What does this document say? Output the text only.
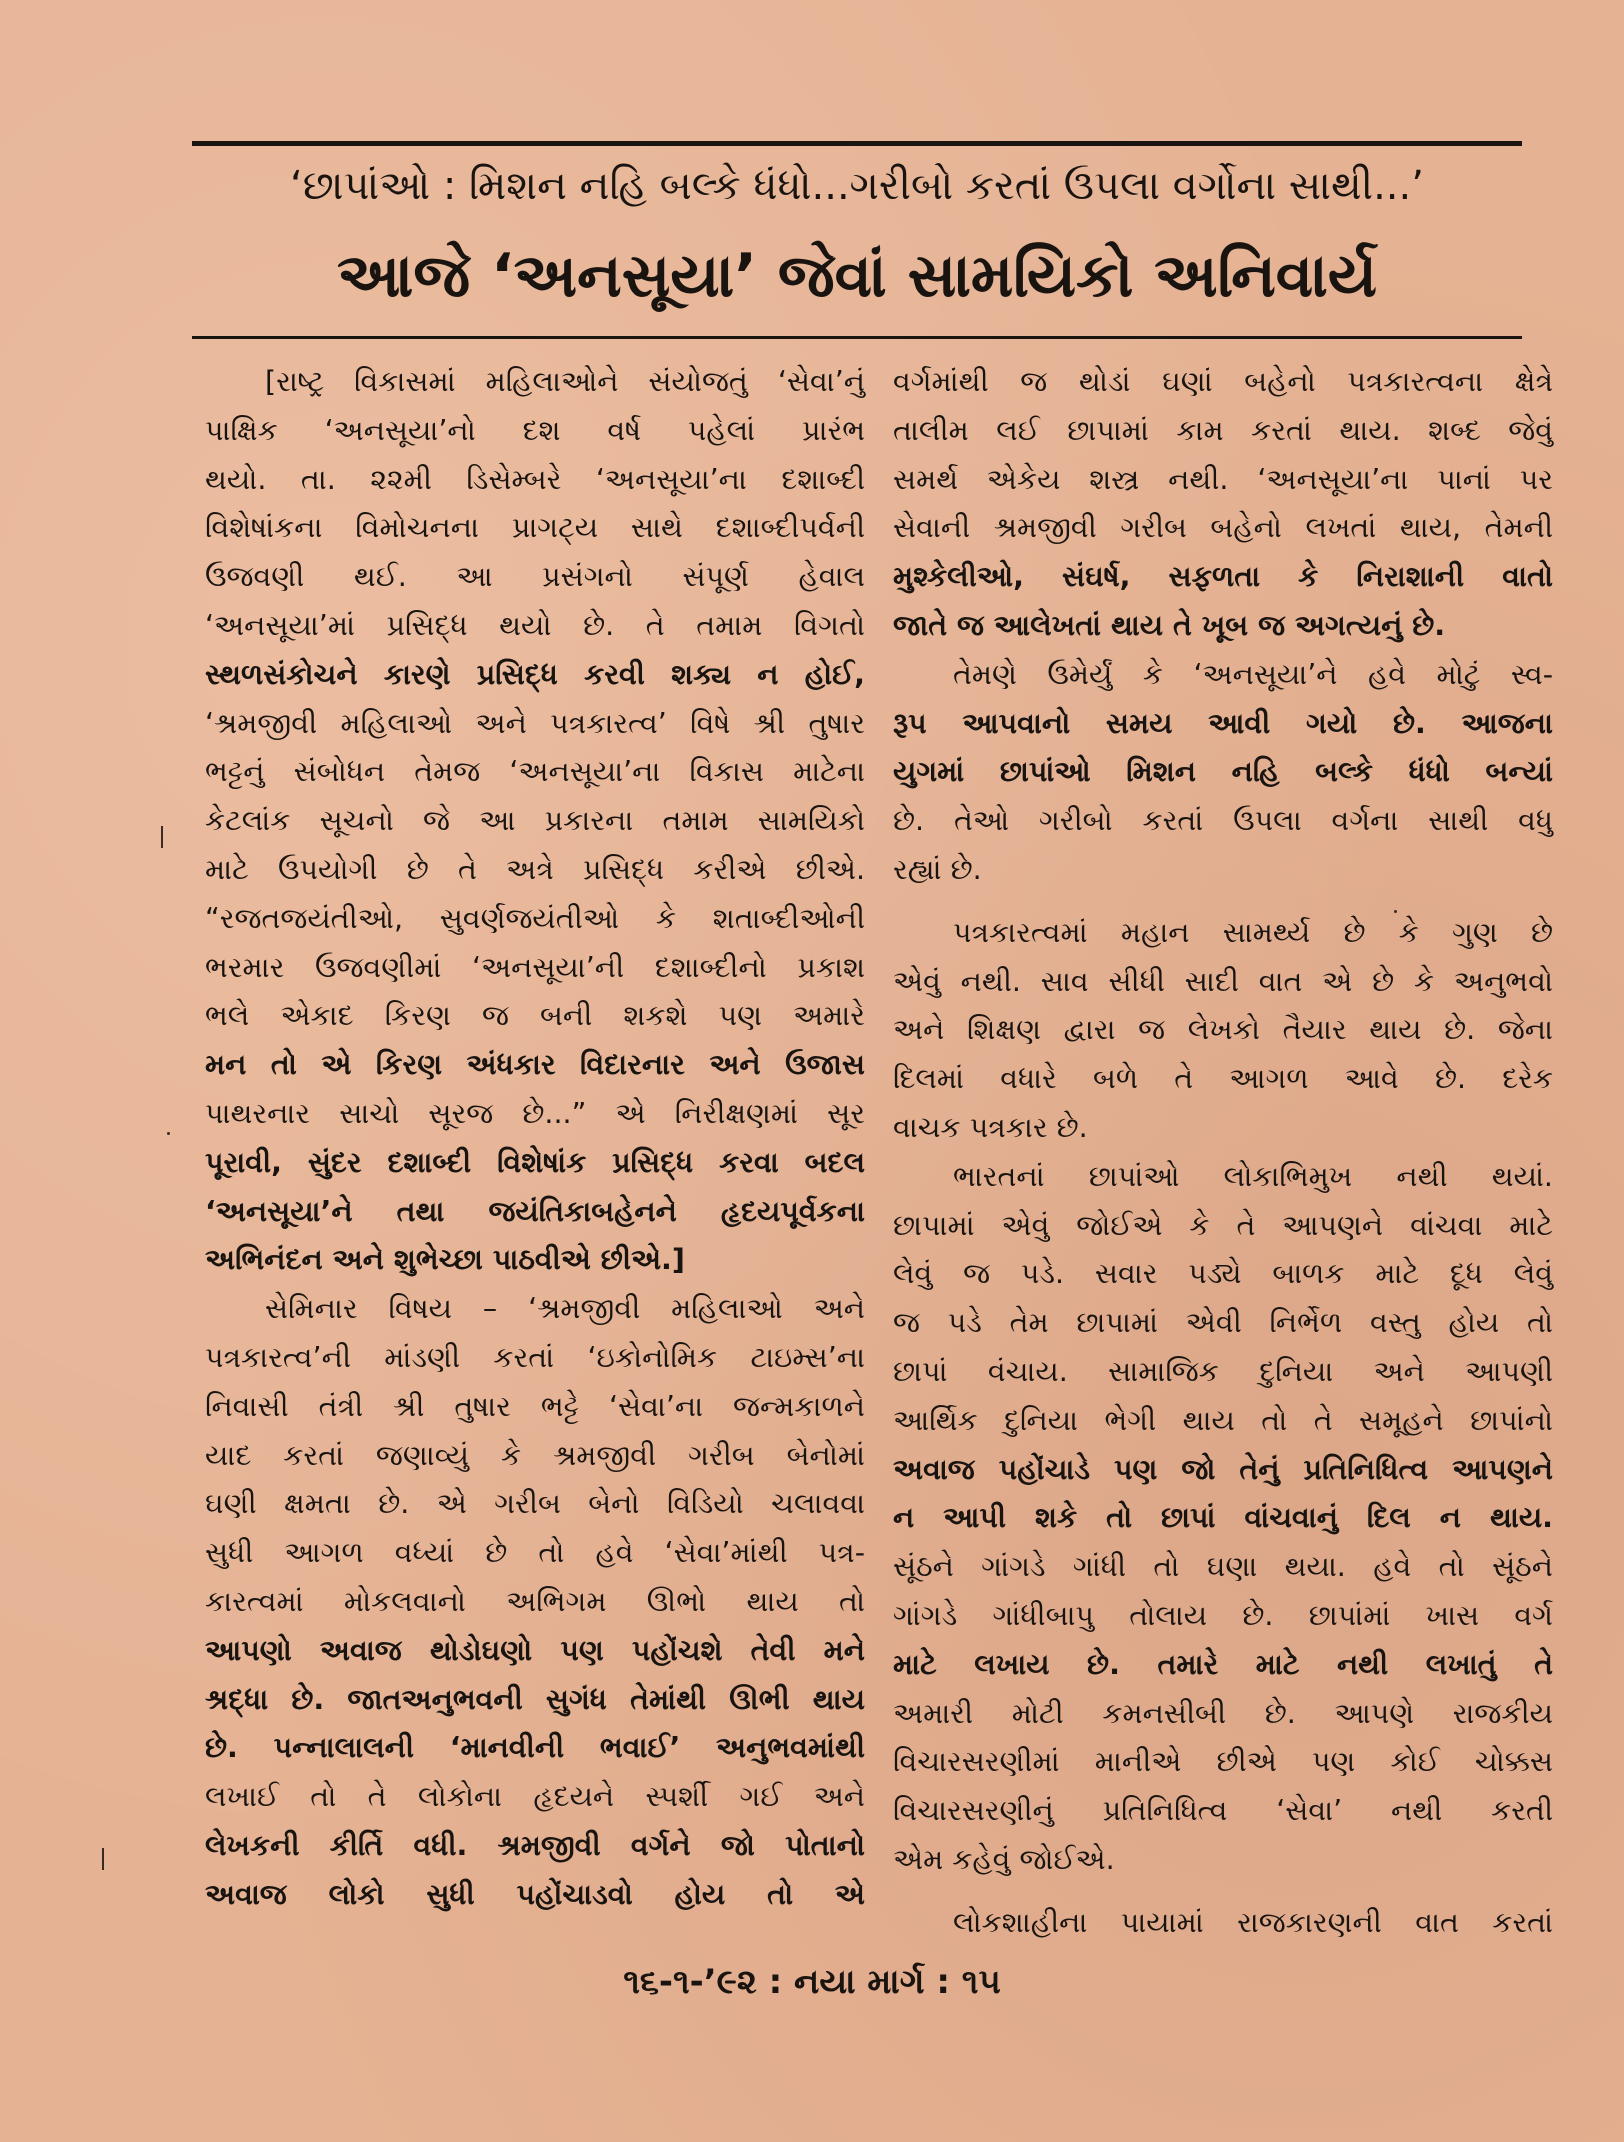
‘છાપાંઓ : મિશન નહિ બલ્કે ધંધો...ગરીબો કરતાં ઉપલા વર્ગોના સાથી...’
આજે ‘અનસૂયા’ જેવાં સામયિકો અનિવાર્ય

[રાષ્ટ્ર વિકાસમાં મહિલાઓને સંયોજતું ‘સેવા’નું

પાક્ષિક ‘અનસૂયા’નો દશ વર્ષ પહેલાં પ્રારંભ

થયો. તા. ૨૨મી ડિસેમ્બરે ‘અનસૂયા’ના દશાબ્દી

વિશેષાંકના વિમોચનના પ્રાગટ્ય સાથે દશાબ્દીપર્વની

ઉજવણી થઈ. આ પ્રસંગનો સંપૂર્ણ હેવાલ

‘અનસૂયા’માં પ્રસિદ્ધ થયો છે. તે તમામ વિગતો

સ્થળસંકોચને કારણે પ્રસિદ્ધ કરવી શક્ય ન હોઈ,

‘શ્રમજીવી મહિલાઓ અને પત્રકારત્વ’ વિષે શ્રી તુષાર

ભટ્ટનું સંબોધન તેમજ ‘અનસૂયા’ના વિકાસ માટેના

કેટલાંક સૂચનો જે આ પ્રકારના તમામ સામયિકો

માટે ઉપયોગી છે તે અત્રે પ્રસિદ્ધ કરીએ છીએ.

“રજતજયંતીઓ, સુવર્ણજયંતીઓ કે શતાબ્દીઓની

ભરમાર ઉજવણીમાં ‘અનસૂયા’ની દશાબ્દીનો પ્રકાશ

ભલે એકાદ કિરણ જ બની શકશે પણ અમારે

મન તો એ કિરણ અંધકાર વિદારનાર અને ઉજાસ

પાથરનાર સાચો સૂરજ છે...” એ નિરીક્ષણમાં સૂર

પૂરાવી, સુંદર દશાબ્દી વિશેષાંક પ્રસિદ્ધ કરવા બદલ

‘અનસૂયા’ને તથા જયંતિકાબહેનને હૃદયપૂર્વકના

અભિનંદન અને શુભેચ્છા પાઠવીએ છીએ.]

સેમિનાર વિષય – ‘શ્રમજીવી મહિલાઓ અને

પત્રકારત્વ’ની માંડણી કરતાં ‘ઇકોનોમિક ટાઇમ્સ’ના

નિવાસી તંત્રી શ્રી તુષાર ભટ્ટે ‘સેવા’ના જન્મકાળને

યાદ કરતાં જણાવ્યું કે શ્રમજીવી ગરીબ બેનોમાં

ઘણી ક્ષમતા છે. એ ગરીબ બેનો વિડિયો ચલાવવા

સુધી આગળ વધ્યાં છે તો હવે ‘સેવા’માંથી પત્ર-

કારત્વમાં મોકલવાનો અભિગમ ઊભો થાય તો

આપણો અવાજ થોડોઘણો પણ પહોંચશે તેવી મને

શ્રદ્ધા છે. જાતઅનુભવની સુગંધ તેમાંથી ઊભી થાય

છે. પન્નાલાલની ‘માનવીની ભવાઈ’ અનુભવમાંથી

લખાઈ તો તે લોકોના હૃદયને સ્પર્શી ગઈ અને

લેખકની કીર્તિ વધી. શ્રમજીવી વર્ગને જો પોતાનો

અવાજ લોકો સુધી પહોંચાડવો હોય તો એ

વર્ગમાંથી જ થોડાં ઘણાં બહેનો પત્રકારત્વના ક્ષેત્રે

તાલીમ લઈ છાપામાં કામ કરતાં થાય. શબ્દ જેવું

સમર્થ એકેય શસ્ત્ર નથી. ‘અનસૂયા’ના પાનાં પર

સેવાની શ્રમજીવી ગરીબ બહેનો લખતાં થાય, તેમની

મુશ્કેલીઓ, સંઘર્ષ, સફળતા કે નિરાશાની વાતો

જાતે જ આલેખતાં થાય તે ખૂબ જ અગત્યનું છે.

તેમણે ઉમેર્યું કે ‘અનસૂયા’ને હવે મોટું સ્વ-

રૂપ આપવાનો સમય આવી ગયો છે. આજના

યુગમાં છાપાંઓ મિશન નહિ બલ્કે ધંધો બન્યાં

છે. તેઓ ગરીબો કરતાં ઉપલા વર્ગના સાથી વધુ

રહ્યાં છે.

પત્રકારત્વમાં મહાન સામર્થ્ય છે કે ગુણ છે

એવું નથી. સાવ સીધી સાદી વાત એ છે કે અનુભવો

અને શિક્ષણ દ્વારા જ લેખકો તૈયાર થાય છે. જેના

દિલમાં વધારે બળે તે આગળ આવે છે. દરેક

વાચક પત્રકાર છે.

ભારતનાં છાપાંઓ લોકાભિમુખ નથી થયાં.

છાપામાં એવું જોઈએ કે તે આપણને વાંચવા માટે

લેવું જ પડે. સવાર પડ્યે બાળક માટે દૂધ લેવું

જ પડે તેમ છાપામાં એવી નિર્ભેળ વસ્તુ હોય તો

છાપાં વંચાય. સામાજિક દુનિયા અને આપણી

આર્થિક દુનિયા ભેગી થાય તો તે સમૂહને છાપાંનો

અવાજ પહોંચાડે પણ જો તેનું પ્રતિનિધિત્વ આપણને

ન આપી શકે તો છાપાં વાંચવાનું દિલ ન થાય.

સૂંઠને ગાંગડે ગાંધી તો ઘણા થયા. હવે તો સૂંઠને

ગાંગડે ગાંધીબાપુ તોલાય છે. છાપાંમાં ખાસ વર્ગ

માટે લખાય છે. તમારે માટે નથી લખાતું તે

અમારી મોટી કમનસીબી છે. આપણે રાજકીય

વિચારસરણીમાં માનીએ છીએ પણ કોઈ ચોક્કસ

વિચારસરણીનું પ્રતિનિધિત્વ ‘સેવા’ નથી કરતી

એમ કહેવું જોઈએ.

લોકશાહીના પાયામાં રાજકારણની વાત કરતાં

૧૬-૧-’૯૨ : નયા માર્ગ : ૧૫
